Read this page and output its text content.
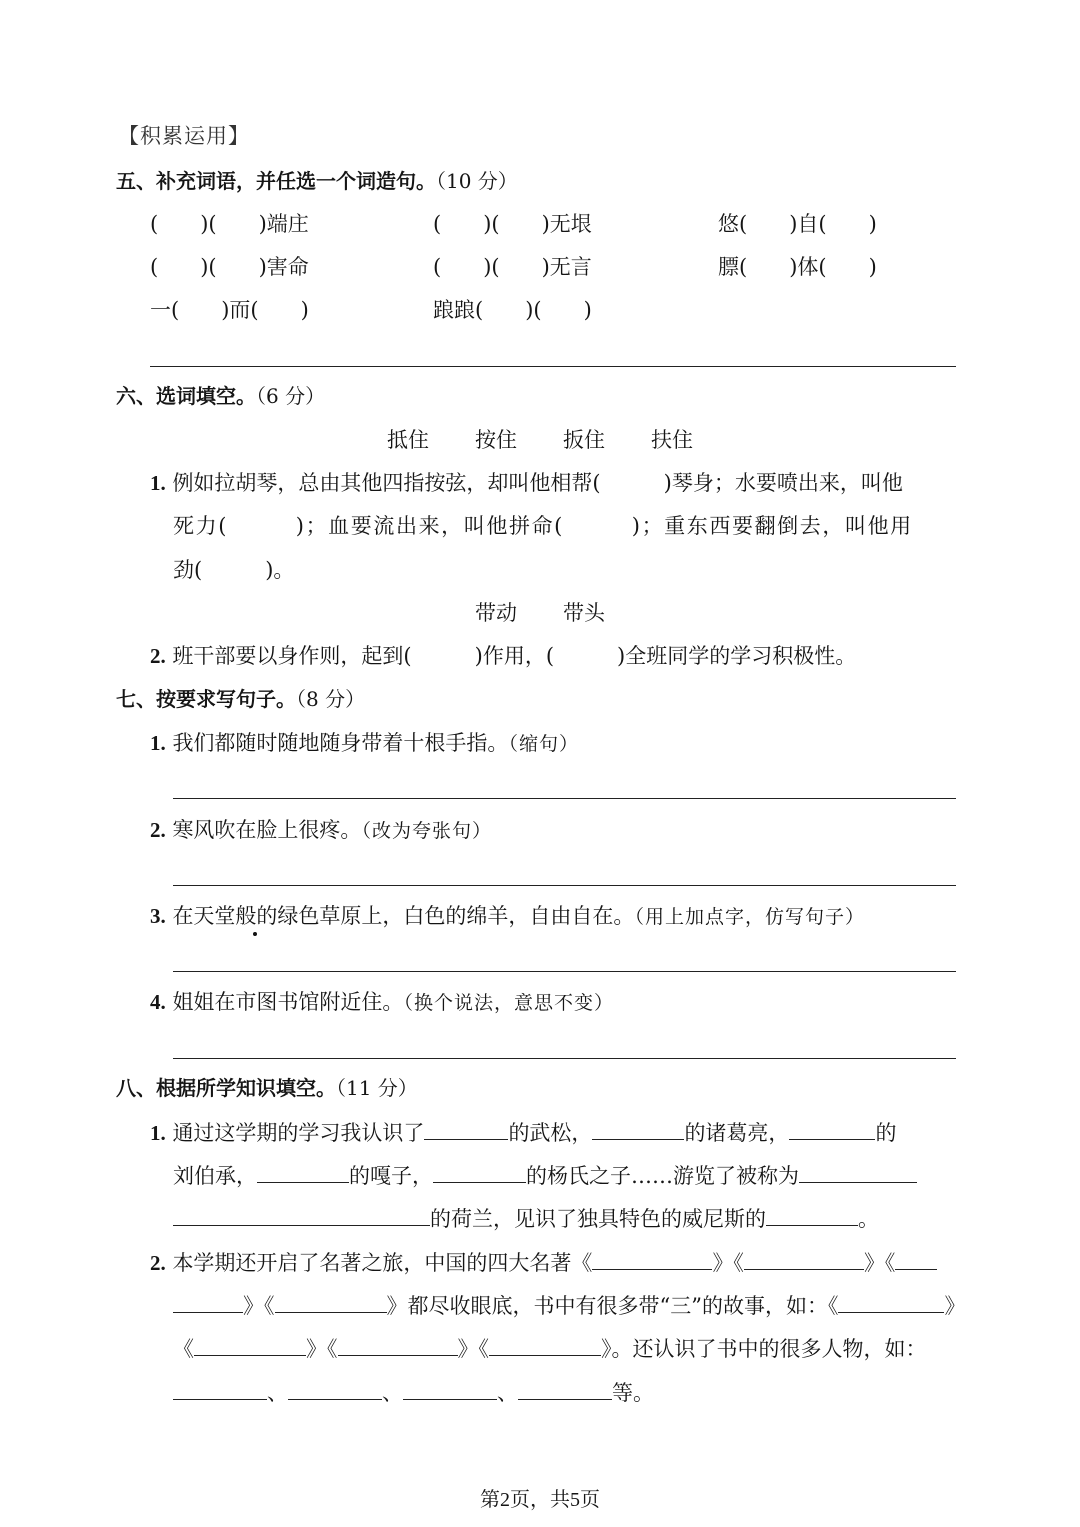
【积累运用】
五、补充词语，并任选一个词造句。（10 分）
(　　)(　　)端庄	(　　)(　　)无垠	悠(　　)自(　　)
(　　)(　　)害命	(　　)(　　)无言	膘(　　)体(　　)
一(　　)而(　　)	踉踉(　　)(　　)
六、选词填空。（6 分）
抵住 按住 扳住 扶住
1. 例如拉胡琴，总由其他四指按弦，却叫他相帮(　　　)琴身；水要喷出来，叫他
死力(　　　)；血要流出来，叫他拼命(　　　)；重东西要翻倒去，叫他用
劲(　　　)。
带动 带头
2. 班干部要以身作则，起到(　　　)作用，(　　　)全班同学的学习积极性。
七、按要求写句子。（8 分）
1. 我们都随时随地随身带着十根手指。（缩句）
2. 寒风吹在脸上很疼。（改为夸张句）
3. 在天堂般的绿色草原上，白色的绵羊，自由自在。（用上加点字，仿写句子）
4. 姐姐在市图书馆附近住。（换个说法，意思不变）
八、根据所学知识填空。（11 分）
1. 通过这学期的学习我认识了	的武松，	的诸葛亮，	的
刘伯承，	的嘎子，	的杨氏之子……游览了被称为
的荷兰，见识了独具特色的威尼斯的	。
2. 本学期还开启了名著之旅，中国的四大名著《	》《	》《
》《	》都尽收眼底，书中有很多带“三”的故事，如：《	》
《	》《	》《	》。还认识了书中的很多人物，如：
、	、	、	等。
第2页，共5页
